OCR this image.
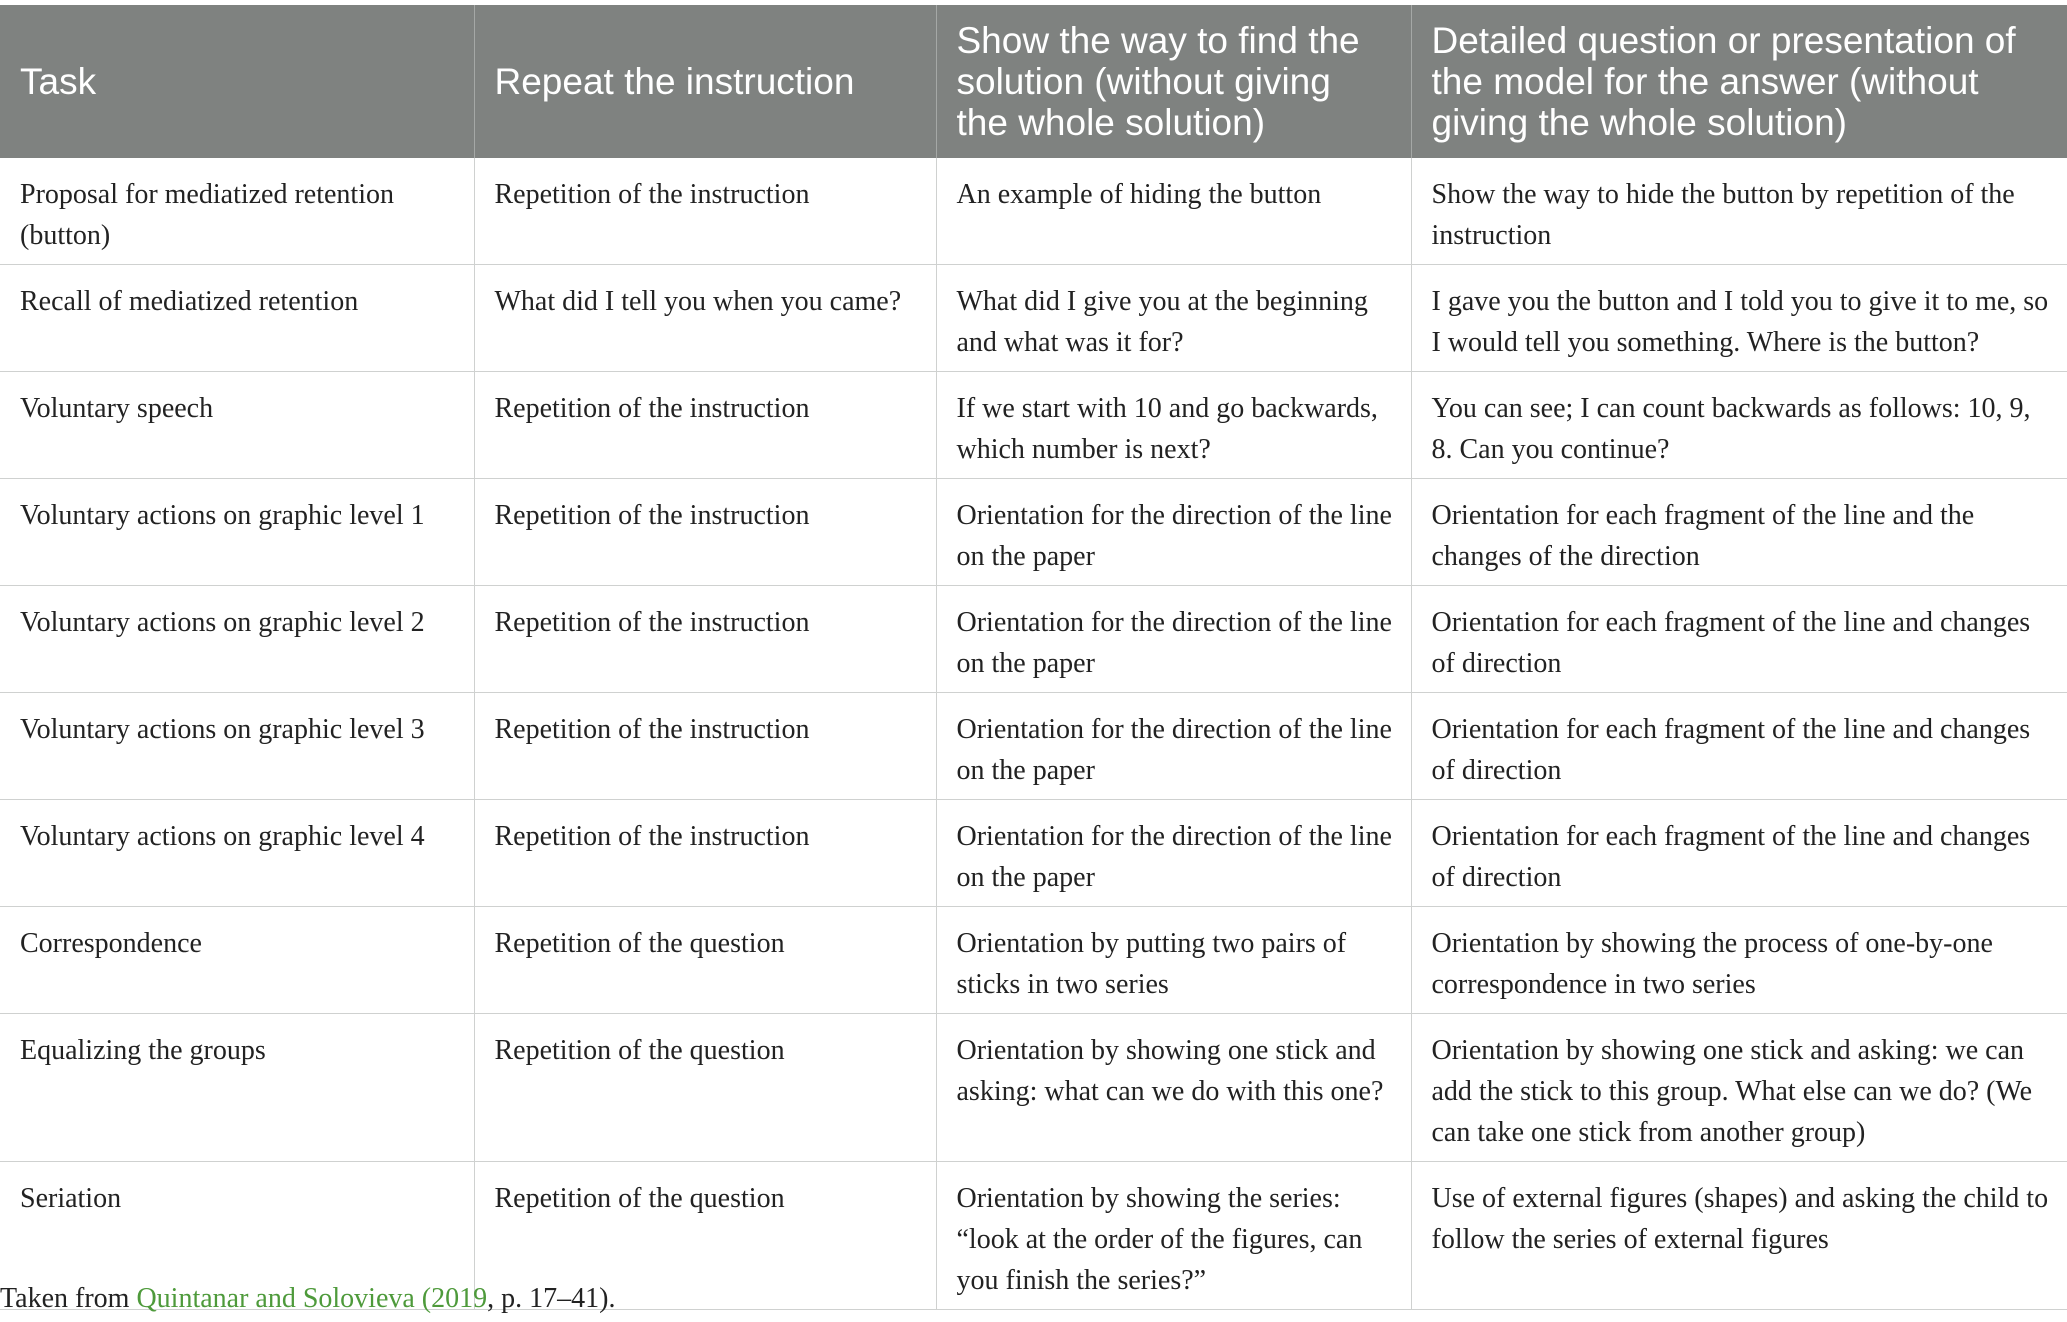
Task	Repeat the instruction	Show the way to find the solution (without giving the whole solution)	Detailed question or presentation of the model for the answer (without giving the whole solution)
Proposal for mediatized retention (button)	Repetition of the instruction	An example of hiding the button	Show the way to hide the button by repetition of the instruction
Recall of mediatized retention	What did I tell you when you came?	What did I give you at the beginning and what was it for?	I gave you the button and I told you to give it to me, so I would tell you something. Where is the button?
Voluntary speech	Repetition of the instruction	If we start with 10 and go backwards, which number is next?	You can see; I can count backwards as follows: 10, 9, 8. Can you continue?
Voluntary actions on graphic level 1	Repetition of the instruction	Orientation for the direction of the line on the paper	Orientation for each fragment of the line and the changes of the direction
Voluntary actions on graphic level 2	Repetition of the instruction	Orientation for the direction of the line on the paper	Orientation for each fragment of the line and changes of direction
Voluntary actions on graphic level 3	Repetition of the instruction	Orientation for the direction of the line on the paper	Orientation for each fragment of the line and changes of direction
Voluntary actions on graphic level 4	Repetition of the instruction	Orientation for the direction of the line on the paper	Orientation for each fragment of the line and changes of direction
Correspondence	Repetition of the question	Orientation by putting two pairs of sticks in two series	Orientation by showing the process of one-by-one correspondence in two series
Equalizing the groups	Repetition of the question	Orientation by showing one stick and asking: what can we do with this one?	Orientation by showing one stick and asking: we can add the stick to this group. What else can we do? (We can take one stick from another group)
Seriation	Repetition of the question	Orientation by showing the series: “look at the order of the figures, can you finish the series?”	Use of external figures (shapes) and asking the child to follow the series of external figures
Taken from Quintanar and Solovieva (2019, p. 17–41).
